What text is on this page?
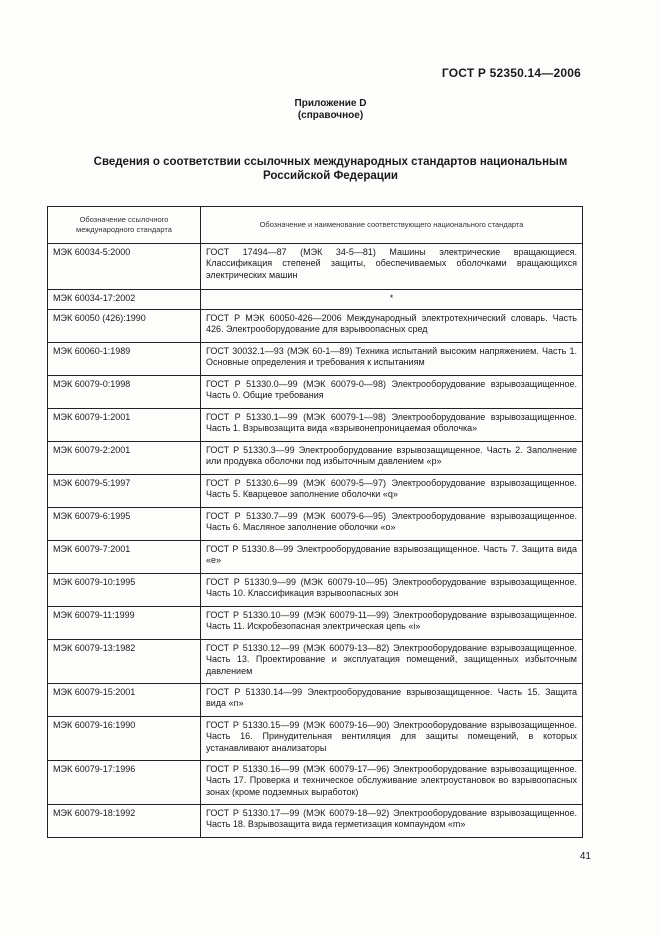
ГОСТ Р 52350.14—2006
Приложение D
(справочное)
Сведения о соответствии ссылочных международных стандартов национальным
Российской Федерации
Обозначение ссылочного международного стандарта	Обозначение и наименование соответствующего национального стандарта
МЭК 60034-5:2000	ГОСТ 17494—87 (МЭК 34-5—81) Машины электрические вращающиеся. Классификация степеней защиты, обеспечиваемых оболочками вращающихся электрических машин
МЭК 60034-17:2002	*
МЭК 60050 (426):1990	ГОСТ Р МЭК 60050-426—2006 Международный электротехнический словарь. Часть 426. Электрооборудование для взрывоопасных сред
МЭК 60060-1:1989	ГОСТ 30032.1—93 (МЭК 60-1—89) Техника испытаний высоким напряжением. Часть 1. Основные определения и требования к испытаниям
МЭК 60079-0:1998	ГОСТ Р 51330.0—99 (МЭК 60079-0—98) Электрооборудование взрывозащищенное. Часть 0. Общие требования
МЭК 60079-1:2001	ГОСТ Р 51330.1—99 (МЭК 60079-1—98) Электрооборудование взрывозащищенное. Часть 1. Взрывозащита вида «взрывонепроницаемая оболочка»
МЭК 60079-2:2001	ГОСТ Р 51330.3—99 Электрооборудование взрывозащищенное. Часть 2. Заполнение или продувка оболочки под избыточным давлением «р»
МЭК 60079-5:1997	ГОСТ Р 51330.6—99 (МЭК 60079-5—97) Электрооборудование взрывозащищенное. Часть 5. Кварцевое заполнение оболочки «q»
МЭК 60079-6:1995	ГОСТ Р 51330.7—99 (МЭК 60079-6—95) Электрооборудование взрывозащищенное. Часть 6. Масляное заполнение оболочки «о»
МЭК 60079-7:2001	ГОСТ Р 51330.8—99 Электрооборудование взрывозащищенное. Часть 7. Защита вида «е»
МЭК 60079-10:1995	ГОСТ Р 51330.9—99 (МЭК 60079-10—95) Электрооборудование взрывозащищенное. Часть 10. Классификация взрывоопасных зон
МЭК 60079-11:1999	ГОСТ Р 51330.10—99 (МЭК 60079-11—99) Электрооборудование взрывозащищенное. Часть 11. Искробезопасная электрическая цепь «i»
МЭК 60079-13:1982	ГОСТ Р 51330.12—99 (МЭК 60079-13—82) Электрооборудование взрывозащищенное. Часть 13. Проектирование и эксплуатация помещений, защищенных избыточным давлением
МЭК 60079-15:2001	ГОСТ Р 51330.14—99 Электрооборудование взрывозащищенное. Часть 15. Защита вида «n»
МЭК 60079-16:1990	ГОСТ Р 51330.15—99 (МЭК 60079-16—90) Электрооборудование взрывозащищенное. Часть 16. Принудительная вентиляция для защиты помещений, в которых устанавливают анализаторы
МЭК 60079-17:1996	ГОСТ Р 51330.16—99 (МЭК 60079-17—96) Электрооборудование взрывозащищенное. Часть 17. Проверка и техническое обслуживание электроустановок во взрывоопасных зонах (кроме подземных выработок)
МЭК 60079-18:1992	ГОСТ Р 51330.17—99 (МЭК 60079-18—92) Электрооборудование взрывозащищенное. Часть 18. Взрывозащита вида герметизация компаундом «m»
41
